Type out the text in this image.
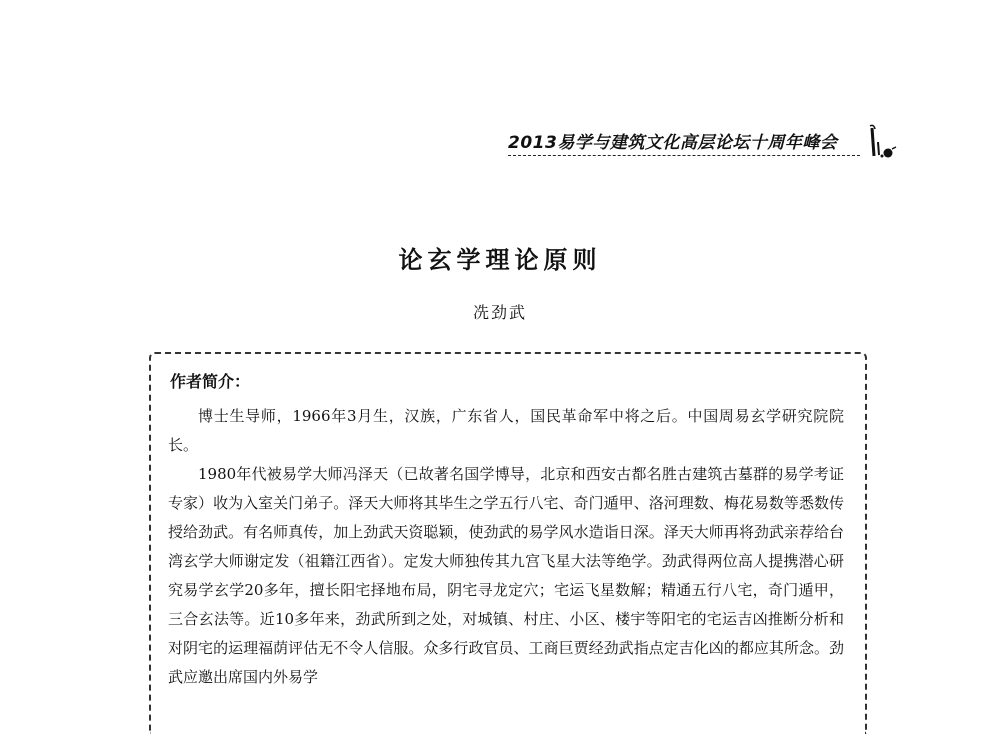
2013易学与建筑文化高层论坛十周年峰会
论玄学理论原则
冼劲武
作者简介：

博士生导师，1966年3月生，汉族，广东省人，国民革命军中将之后。中国周易玄学研究院院长。

1980年代被易学大师冯泽天（已故著名国学博导，北京和西安古都名胜古建筑古墓群的易学考证专家）收为入室关门弟子。泽天大师将其毕生之学五行八宅、奇门遁甲、洛河理数、梅花易数等悉数传授给劲武。有名师真传，加上劲武天资聪颖，使劲武的易学风水造诣日深。泽天大师再将劲武亲荐给台湾玄学大师谢定发（祖籍江西省）。定发大师独传其九宫飞星大法等绝学。劲武得两位高人提携潜心研究易学玄学20多年，擅长阳宅择地布局，阴宅寻龙定穴；宅运飞星数解；精通五行八宅，奇门遁甲，三合玄法等。近10多年来，劲武所到之处，对城镇、村庄、小区、楼宇等阳宅的宅运吉凶推断分析和对阴宅的运理福荫评估无不令人信服。众多行政官员、工商巨贾经劲武指点定吉化凶的都应其所念。劲武应邀出席国内外易学
